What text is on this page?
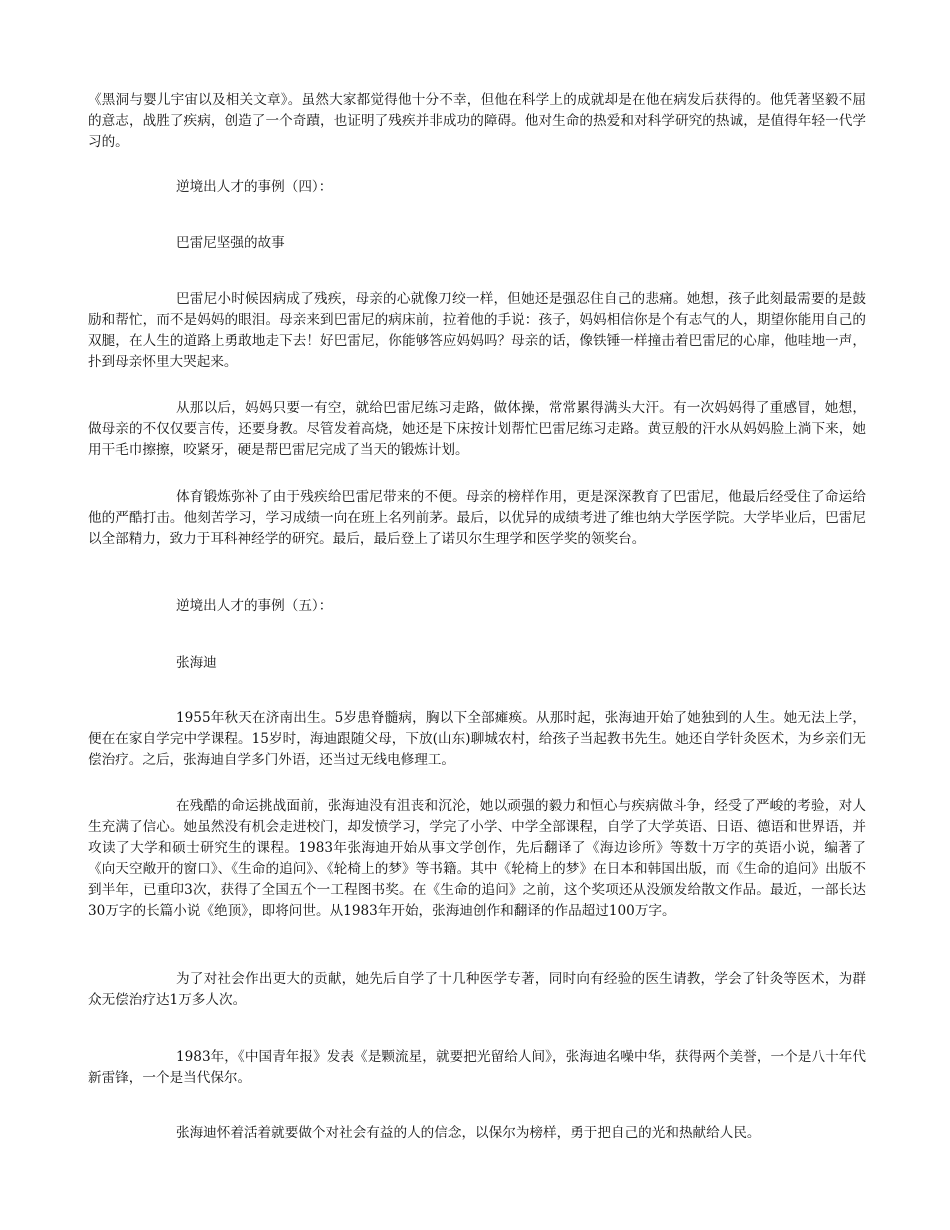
《黑洞与婴儿宇宙以及相关文章》。虽然大家都觉得他十分不幸，但他在科学上的成就却是在他在病发后获得的。他凭著坚毅不屈的意志，战胜了疾病，创造了一个奇蹟，也证明了残疾并非成功的障碍。他对生命的热爱和对科学研究的热诚，是值得年轻一代学习的。

逆境出人才的事例（四）：

巴雷尼坚强的故事

巴雷尼小时候因病成了残疾，母亲的心就像刀绞一样，但她还是强忍住自己的悲痛。她想，孩子此刻最需要的是鼓励和帮忙，而不是妈妈的眼泪。母亲来到巴雷尼的病床前，拉着他的手说：孩子，妈妈相信你是个有志气的人，期望你能用自己的双腿，在人生的道路上勇敢地走下去！好巴雷尼，你能够答应妈妈吗？母亲的话，像铁锤一样撞击着巴雷尼的心扉，他哇地一声，扑到母亲怀里大哭起来。

从那以后，妈妈只要一有空，就给巴雷尼练习走路，做体操，常常累得满头大汗。有一次妈妈得了重感冒，她想，做母亲的不仅仅要言传，还要身教。尽管发着高烧，她还是下床按计划帮忙巴雷尼练习走路。黄豆般的汗水从妈妈脸上淌下来，她用干毛巾擦擦，咬紧牙，硬是帮巴雷尼完成了当天的锻炼计划。

体育锻炼弥补了由于残疾给巴雷尼带来的不便。母亲的榜样作用，更是深深教育了巴雷尼，他最后经受住了命运给他的严酷打击。他刻苦学习，学习成绩一向在班上名列前茅。最后，以优异的成绩考进了维也纳大学医学院。大学毕业后，巴雷尼以全部精力，致力于耳科神经学的研究。最后，最后登上了诺贝尔生理学和医学奖的领奖台。

逆境出人才的事例（五）：

张海迪

1955年秋天在济南出生。5岁患脊髓病，胸以下全部瘫痪。从那时起，张海迪开始了她独到的人生。她无法上学，便在在家自学完中学课程。15岁时，海迪跟随父母，下放(山东)聊城农村，给孩子当起教书先生。她还自学针灸医术，为乡亲们无偿治疗。之后，张海迪自学多门外语，还当过无线电修理工。

在残酷的命运挑战面前，张海迪没有沮丧和沉沦，她以顽强的毅力和恒心与疾病做斗争，经受了严峻的考验，对人生充满了信心。她虽然没有机会走进校门，却发愤学习，学完了小学、中学全部课程，自学了大学英语、日语、德语和世界语，并攻读了大学和硕士研究生的课程。1983年张海迪开始从事文学创作，先后翻译了《海边诊所》等数十万字的英语小说，编著了《向天空敞开的窗口》、《生命的追问》、《轮椅上的梦》等书籍。其中《轮椅上的梦》在日本和韩国出版，而《生命的追问》出版不到半年，已重印3次，获得了全国五个一工程图书奖。在《生命的追问》之前，这个奖项还从没颁发给散文作品。最近，一部长达30万字的长篇小说《绝顶》，即将问世。从1983年开始，张海迪创作和翻译的作品超过100万字。

为了对社会作出更大的贡献，她先后自学了十几种医学专著，同时向有经验的医生请教，学会了针灸等医术，为群众无偿治疗达1万多人次。

1983年，《中国青年报》发表《是颗流星，就要把光留给人间》，张海迪名噪中华，获得两个美誉，一个是八十年代新雷锋，一个是当代保尔。

张海迪怀着活着就要做个对社会有益的人的信念，以保尔为榜样，勇于把自己的光和热献给人民。
